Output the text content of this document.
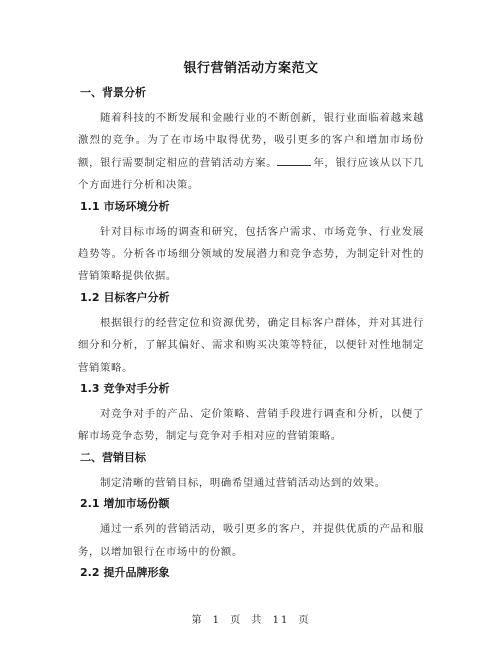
银行营销活动方案范文
一、背景分析
随着科技的不断发展和金融行业的不断创新，银行业面临着越来越激烈的竞争。为了在市场中取得优势，吸引更多的客户和增加市场份额，银行需要制定相应的营销活动方案。	年，银行应该从以下几个方面进行分析和决策。
1.1 市场环境分析
针对目标市场的调查和研究，包括客户需求、市场竞争、行业发展趋势等。分析各市场细分领域的发展潜力和竞争态势，为制定针对性的营销策略提供依据。
1.2 目标客户分析
根据银行的经营定位和资源优势，确定目标客户群体，并对其进行细分和分析，了解其偏好、需求和购买决策等特征，以便针对性地制定营销策略。
1.3 竞争对手分析
对竞争对手的产品、定价策略、营销手段进行调查和分析，以便了解市场竞争态势，制定与竞争对手相对应的营销策略。
二、营销目标
制定清晰的营销目标，明确希望通过营销活动达到的效果。
2.1 增加市场份额
通过一系列的营销活动，吸引更多的客户，并提供优质的产品和服务，以增加银行在市场中的份额。
2.2 提升品牌形象
第 1 页 共 11 页
